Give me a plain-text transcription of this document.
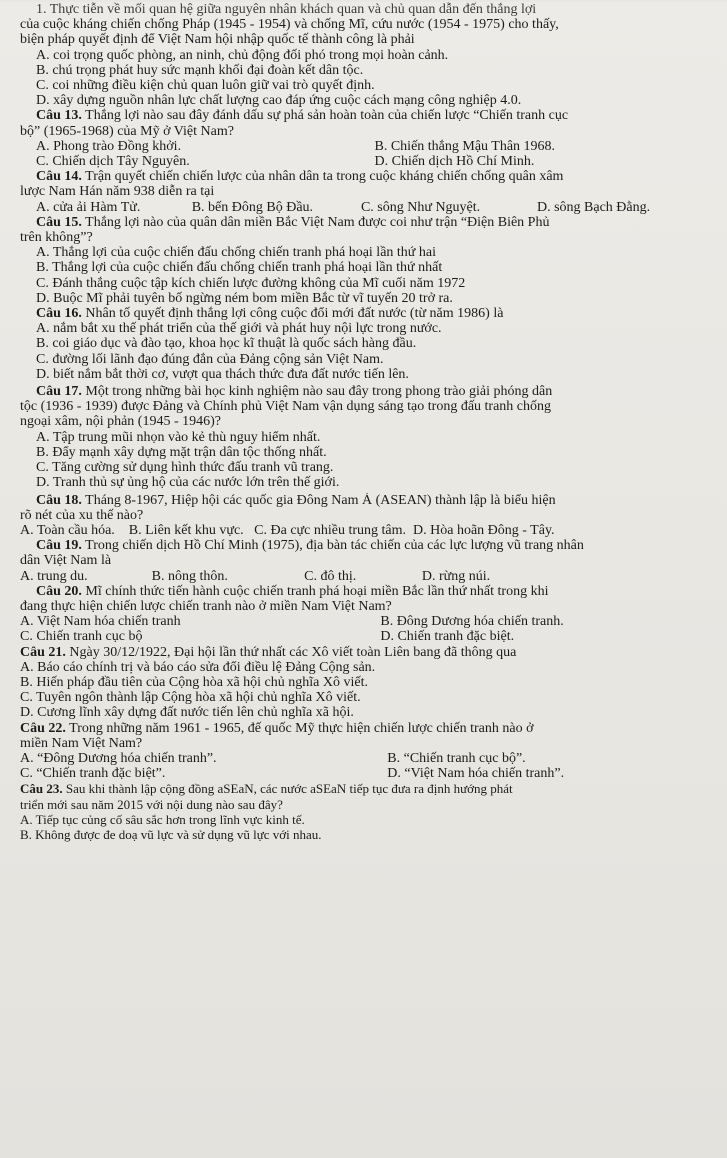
1. Thực tiễn về mối quan hệ giữa nguyên nhân khách quan và chủ quan dẫn đến thắng lợi
của cuộc kháng chiến chống Pháp (1945 - 1954) và chống Mĩ, cứu nước (1954 - 1975) cho thấy,
biện pháp quyết định để Việt Nam hội nhập quốc tế thành công là phải
A. coi trọng quốc phòng, an ninh, chủ động đối phó trong mọi hoàn cảnh.
B. chú trọng phát huy sức mạnh khối đại đoàn kết dân tộc.
C. coi những điều kiện chủ quan luôn giữ vai trò quyết định.
D. xây dựng nguồn nhân lực chất lượng cao đáp ứng cuộc cách mạng công nghiệp 4.0.
Câu 13. Thắng lợi nào sau đây đánh dấu sự phá sản hoàn toàn của chiến lược “Chiến tranh cục
bộ” (1965-1968) của Mỹ ở Việt Nam?
A. Phong trào Đồng khởi.	B. Chiến thắng Mậu Thân 1968.
C. Chiến dịch Tây Nguyên.	D. Chiến dịch Hồ Chí Minh.
Câu 14. Trận quyết chiến chiến lược của nhân dân ta trong cuộc kháng chiến chống quân xâm
lược Nam Hán năm 938 diễn ra tại
A. cửa ải Hàm Tử.	B. bến Đông Bộ Đầu.	C. sông Như Nguyệt.	D. sông Bạch Đằng.
Câu 15. Thắng lợi nào của quân dân miền Bắc Việt Nam được coi như trận “Điện Biên Phủ
trên không”?
A. Thắng lợi của cuộc chiến đấu chống chiến tranh phá hoại lần thứ hai
B. Thắng lợi của cuộc chiến đấu chống chiến tranh phá hoại lần thứ nhất
C. Đánh thắng cuộc tập kích chiến lược đường không của Mĩ cuối năm 1972
D. Buộc Mĩ phải tuyên bố ngừng ném bom miền Bắc từ vĩ tuyến 20 trở ra.
Câu 16. Nhân tố quyết định thắng lợi công cuộc đổi mới đất nước (từ năm 1986) là
A. nắm bắt xu thế phát triển của thế giới và phát huy nội lực trong nước.
B. coi giáo dục và đào tạo, khoa học kĩ thuật là quốc sách hàng đầu.
C. đường lối lãnh đạo đúng đắn của Đảng cộng sản Việt Nam.
D. biết nắm bắt thời cơ, vượt qua thách thức đưa đất nước tiến lên.
Câu 17. Một trong những bài học kinh nghiệm nào sau đây trong phong trào giải phóng dân
tộc (1936 - 1939) được Đảng và Chính phủ Việt Nam vận dụng sáng tạo trong đấu tranh chống
ngoại xâm, nội phản (1945 - 1946)?
A. Tập trung mũi nhọn vào kẻ thù nguy hiểm nhất.
B. Đẩy mạnh xây dựng mặt trận dân tộc thống nhất.
C. Tăng cường sử dụng hình thức đấu tranh vũ trang.
D. Tranh thủ sự ủng hộ của các nước lớn trên thế giới.
Câu 18. Tháng 8-1967, Hiệp hội các quốc gia Đông Nam Á (ASEAN) thành lập là biểu hiện
rõ nét của xu thế nào?
A. Toàn cầu hóa.    B. Liên kết khu vực.   C. Đa cực nhiều trung tâm.  D. Hòa hoãn Đông - Tây.
Câu 19. Trong chiến dịch Hồ Chí Minh (1975), địa bàn tác chiến của các lực lượng vũ trang nhân
dân Việt Nam là
A. trung du.	B. nông thôn.	C. đô thị.	D. rừng núi.
Câu 20. Mĩ chính thức tiến hành cuộc chiến tranh phá hoại miền Bắc lần thứ nhất trong khi
đang thực hiện chiến lược chiến tranh nào ở miền Nam Việt Nam?
A. Việt Nam hóa chiến tranh	B. Đông Dương hóa chiến tranh.
C. Chiến tranh cục bộ	D. Chiến tranh đặc biệt.
Câu 21. Ngày 30/12/1922, Đại hội lần thứ nhất các Xô viết toàn Liên bang đã thông qua
A. Báo cáo chính trị và báo cáo sửa đổi điều lệ Đảng Cộng sản.
B. Hiến pháp đầu tiên của Cộng hòa xã hội chủ nghĩa Xô viết.
C. Tuyên ngôn thành lập Cộng hòa xã hội chủ nghĩa Xô viết.
D. Cương lĩnh xây dựng đất nước tiến lên chủ nghĩa xã hội.
Câu 22. Trong những năm 1961 - 1965, đế quốc Mỹ thực hiện chiến lược chiến tranh nào ở
miền Nam Việt Nam?
A. “Đông Dương hóa chiến tranh”.	B. “Chiến tranh cục bộ”.
C. “Chiến tranh đặc biệt”.	D. “Việt Nam hóa chiến tranh”.
Câu 23. Sau khi thành lập cộng đồng aSEaN, các nước aSEaN tiếp tục đưa ra định hướng phát
triển mới sau năm 2015 với nội dung nào sau đây?
A. Tiếp tục củng cố sâu sắc hơn trong lĩnh vực kinh tế.
B. Không được đe doạ vũ lực và sử dụng vũ lực với nhau.
